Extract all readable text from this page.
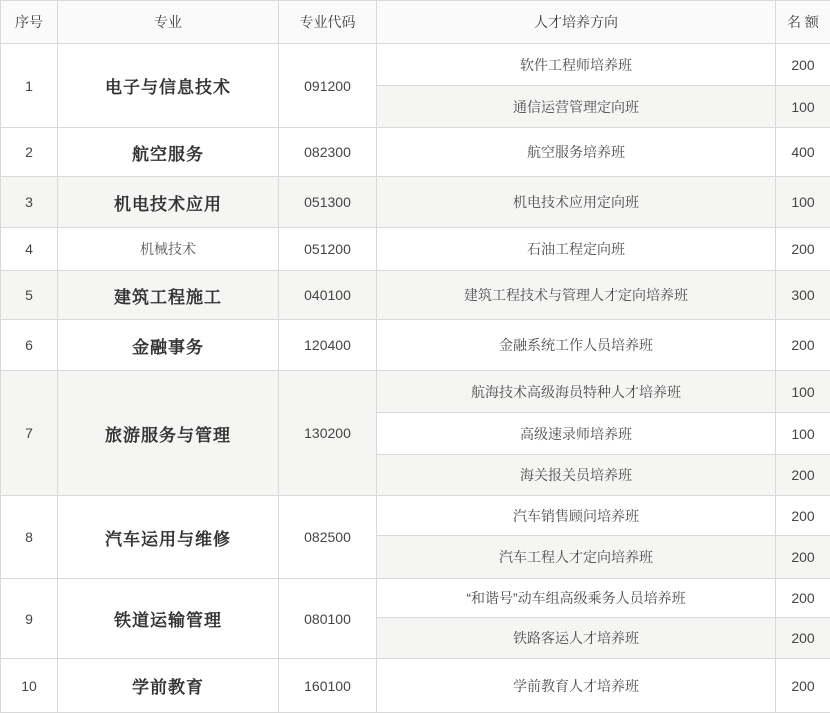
序号	专业	专业代码	人才培养方向	名 额
1	电子与信息技术	091200	软件工程师培养班	200
			通信运营管理定向班	100
2	航空服务	082300	航空服务培养班	400
3	机电技术应用	051300	机电技术应用定向班	100
4	机械技术	051200	石油工程定向班	200
5	建筑工程施工	040100	建筑工程技术与管理人才定向培养班	300
6	金融事务	120400	金融系统工作人员培养班	200
7	旅游服务与管理	130200	航海技术高级海员特种人才培养班	100
			高级速录师培养班	100
			海关报关员培养班	200
8	汽车运用与维修	082500	汽车销售顾问培养班	200
			汽车工程人才定向培养班	200
9	铁道运输管理	080100	“和谐号”动车组高级乘务人员培养班	200
			铁路客运人才培养班	200
10	学前教育	160100	学前教育人才培养班	200
